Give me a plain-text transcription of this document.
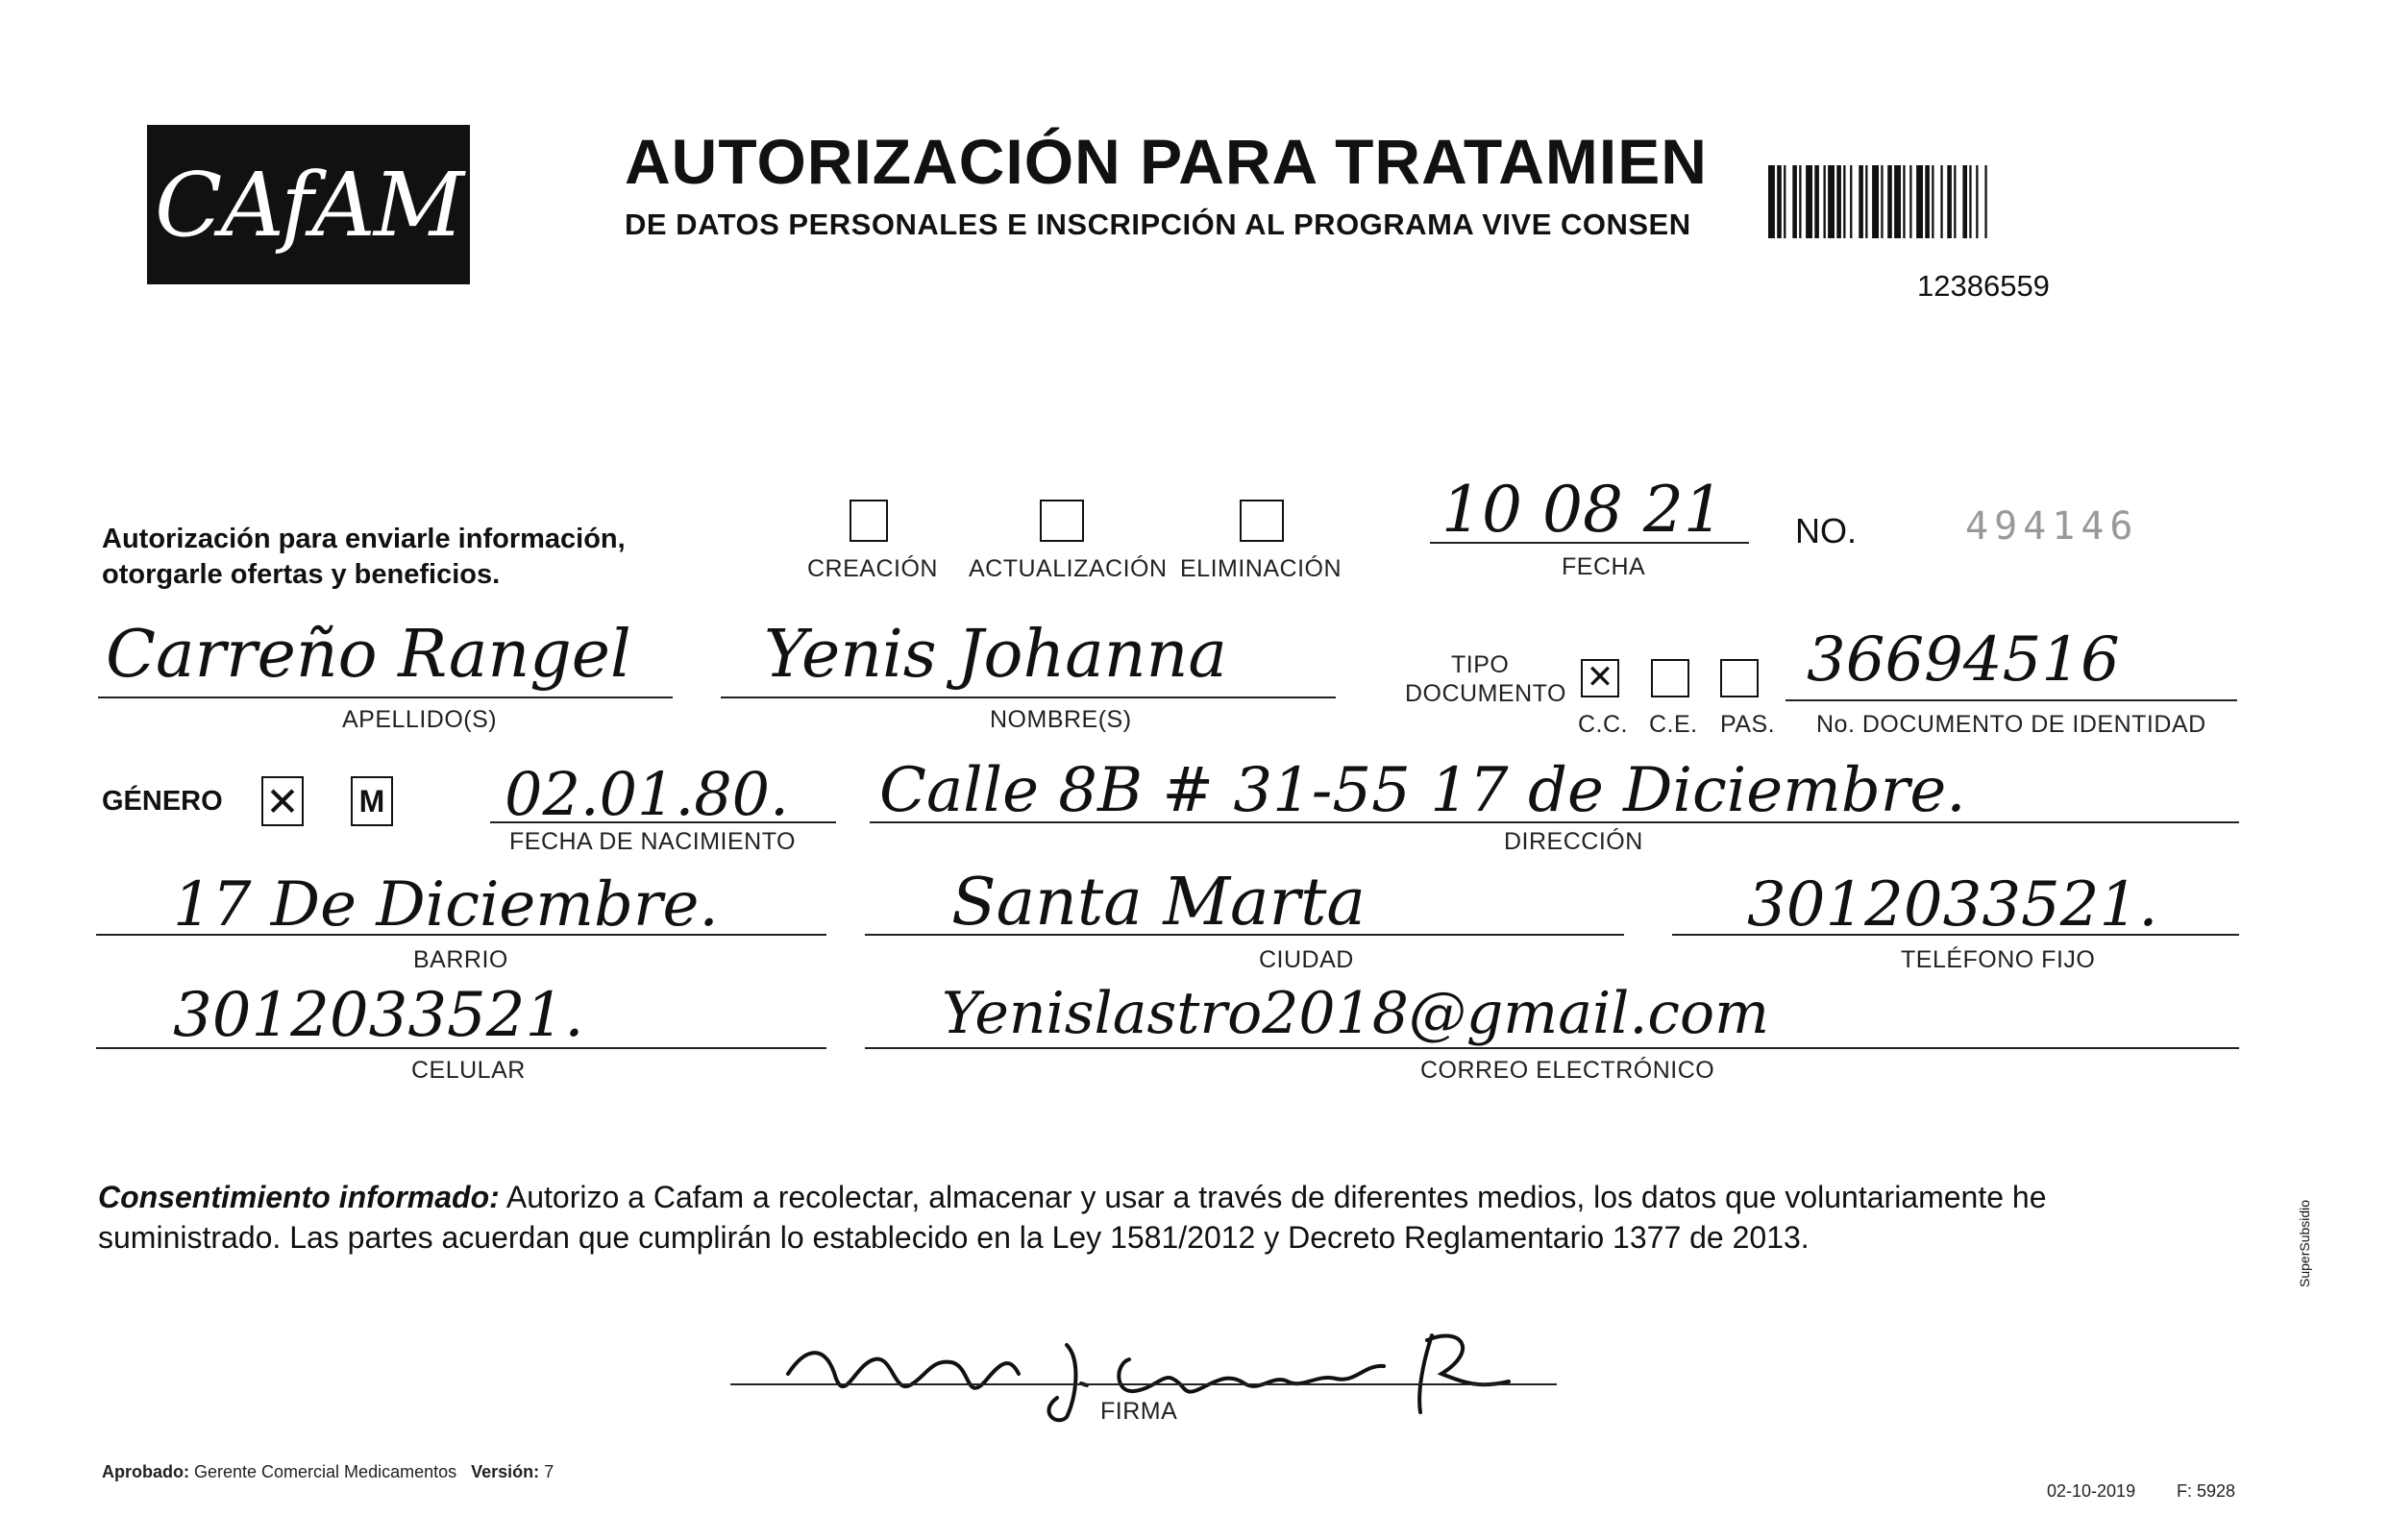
CAfAM	AUTORIZACIÓN PARA TRATAMIEN
DE DATOS PERSONALES E INSCRIPCIÓN AL PROGRAMA VIVE CONSEN
12386559
Autorización para enviarle información,
otorgarle ofertas y beneficios.	CREACIÓN ACTUALIZACIÓN ELIMINACIÓN
10 08 21
FECHA
NO.	494146
Carreño Rangel
APELLIDO(S)
Yenis Johanna
NOMBRE(S)
TIPO
DOCUMENTO ✕
C.C. C.E. PAS.
36694516
No. DOCUMENTO DE IDENTIDAD
GÉNERO ✕ M 02.01.80.
FECHA DE NACIMIENTO
Calle 8B # 31-55 17 de Diciembre.
DIRECCIÓN
17 De Diciembre.
BARRIO
Santa Marta
CIUDAD
3012033521.
TELÉFONO FIJO
3012033521.
CELULAR
Yenislastro2018@gmail.com
CORREO ELECTRÓNICO
Consentimiento informado: Autorizo a Cafam a recolectar, almacenar y usar a través de diferentes medios, los datos que voluntariamente he suministrado. Las partes acuerdan que cumplirán lo establecido en la Ley 1581/2012 y Decreto Reglamentario 1377 de 2013.
FIRMA
Aprobado: Gerente Comercial Medicamentos Versión: 7
02-10-2019 F: 5928
SuperSubsidio
